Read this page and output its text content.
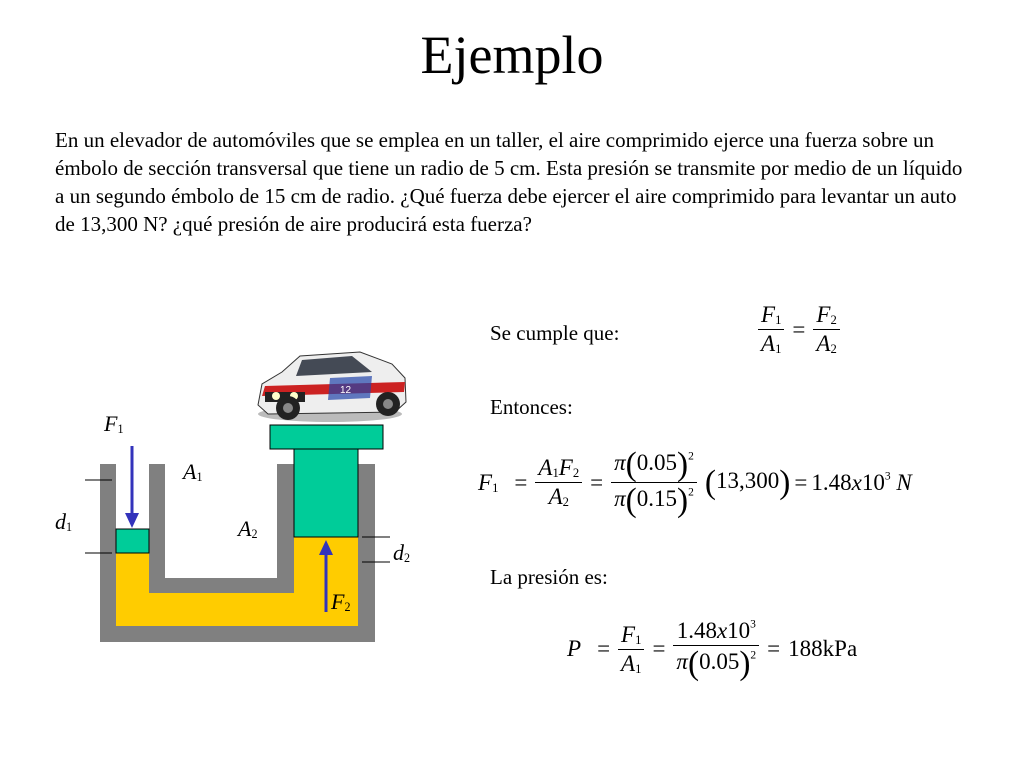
Ejemplo
En un elevador de automóviles que se emplea en un taller, el aire comprimido ejerce una fuerza sobre un émbolo de sección transversal que tiene un radio de 5 cm. Esta presión se transmite por medio de un líquido a un segundo émbolo de 15 cm de radio. ¿Qué fuerza debe ejercer el aire comprimido para levantar un auto de 13,300 N? ¿qué presión de aire producirá esta fuerza?
12
$F_1$
$A_1$
$d_1$	$A_2$
$d_2$
$F_2$
Se cumple que:
Entonces:
La presión es:
$\frac{F_1}{A_1} = \frac{F_2}{A_2}$
$F_1 = \frac{A_1F_2}{A_2} = \frac{\pi(0.05)^2}{\pi(0.15)^2} (13,300) = 1.48x10^3$ N
$P = \frac{F_1}{A_1} = \frac{1.48x10^3}{\pi(0.05)^2} = 188kPa$
